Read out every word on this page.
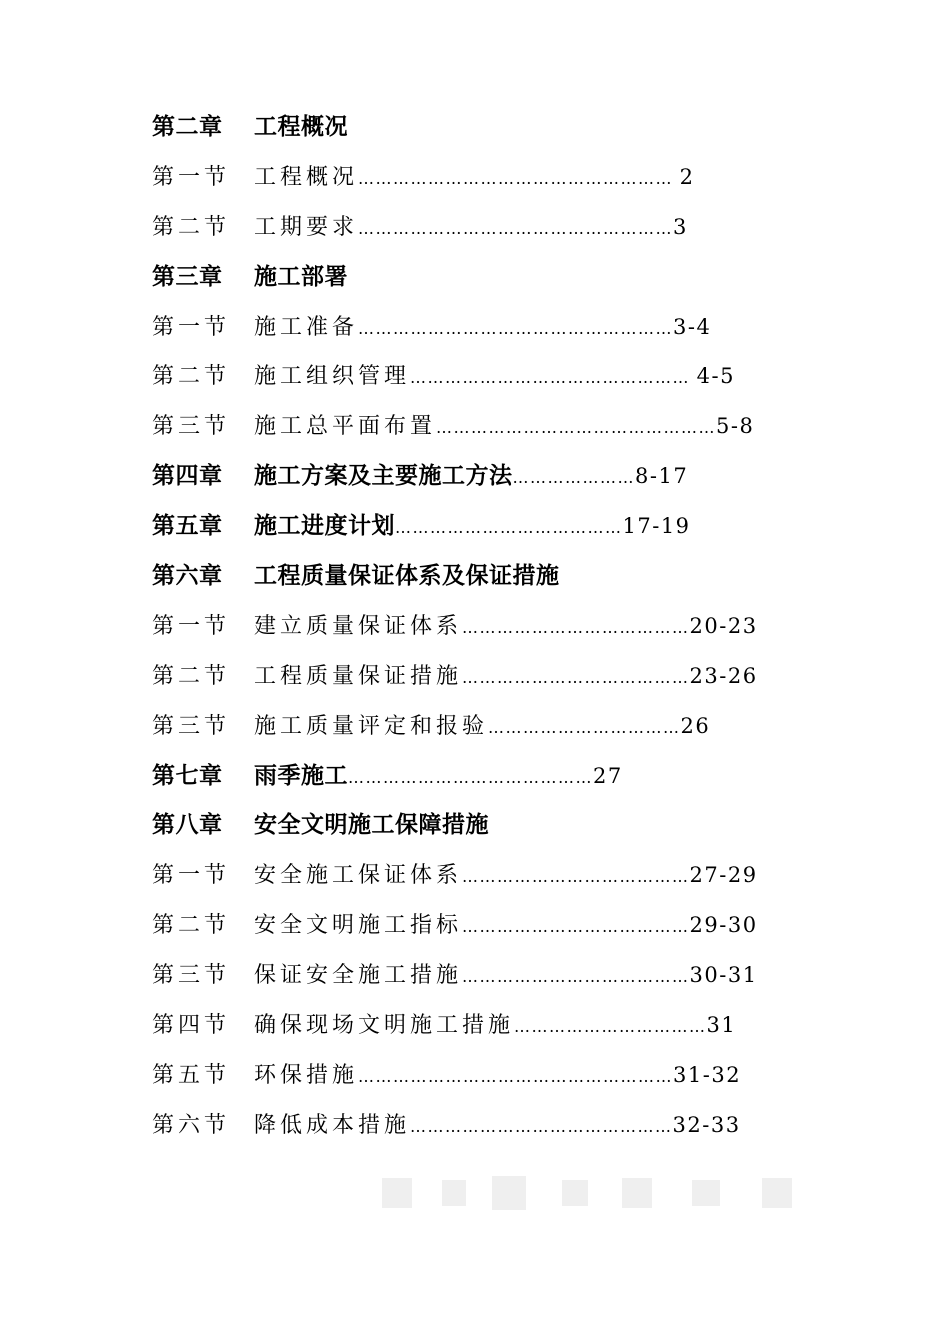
第二章 工程概况
第一节 工程概况……………………………………………… 2
第二节 工期要求………………………………………………3
第三章 施工部署
第一节 施工准备………………………………………………3-4
第二节 施工组织管理………………………………………… 4-5
第三节 施工总平面布置…………………………………………5-8
第四章 施工方案及主要施工方法…………………8-17
第五章 施工进度计划…………………………………17-19
第六章 工程质量保证体系及保证措施
第一节 建立质量保证体系…………………………………20-23
第二节 工程质量保证措施…………………………………23-26
第三节 施工质量评定和报验……………………………26
第七章 雨季施工……………………………………27
第八章 安全文明施工保障措施
第一节 安全施工保证体系…………………………………27-29
第二节 安全文明施工指标…………………………………29-30
第三节 保证安全施工措施…………………………………30-31
第四节 确保现场文明施工措施……………………………31
第五节 环保措施………………………………………………31-32
第六节 降低成本措施………………………………………32-33
